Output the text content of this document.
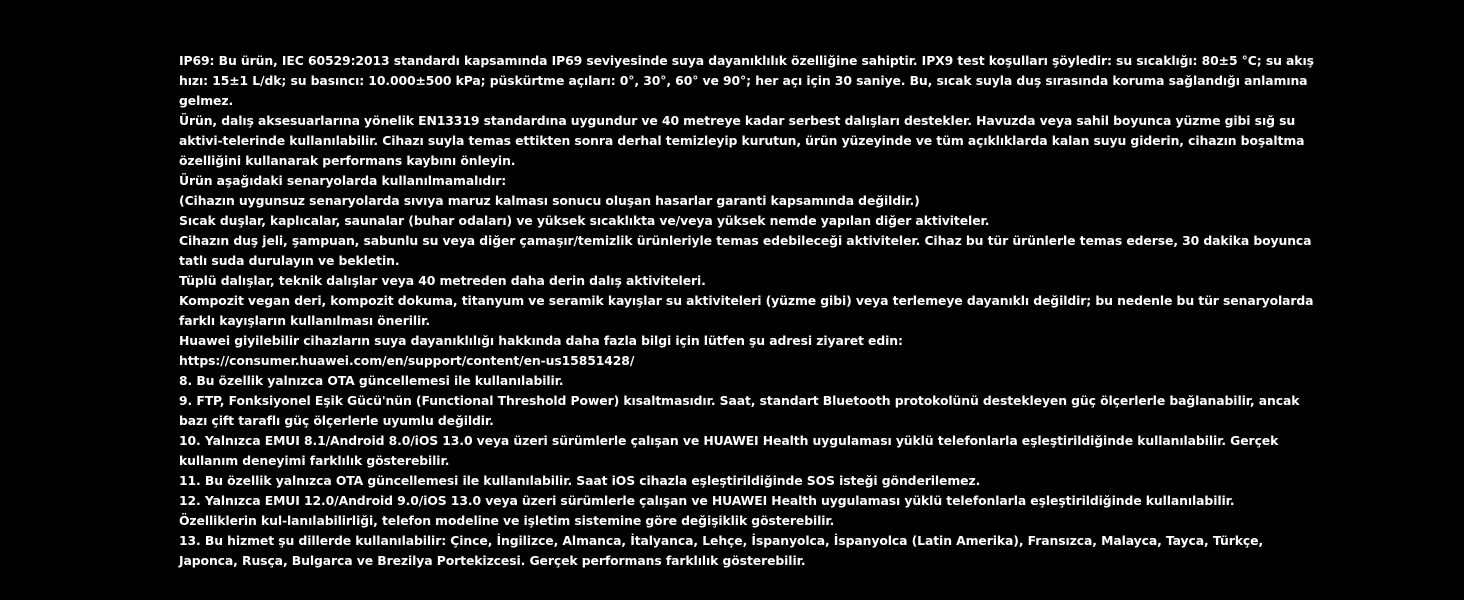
IP69: Bu ürün, IEC 60529:2013 standardı kapsamında IP69 seviyesinde suya dayanıklılık özelliğine sahiptir. IPX9 test koşulları şöyledir: su sıcaklığı: 80±5 °C; su akış hızı: 15±1 L/dk; su basıncı: 10.000±500 kPa; püskürtme açıları: 0°, 30°, 60° ve 90°; her açı için 30 saniye. Bu, sıcak suyla duş sırasında koruma sağlandığı anlamına gelmez.

Ürün, dalış aksesuarlarına yönelik EN13319 standardına uygundur ve 40 metreye kadar serbest dalışları destekler. Havuzda veya sahil boyunca yüzme gibi sığ su aktivi-telerinde kullanılabilir. Cihazı suyla temas ettikten sonra derhal temizleyip kurutun, ürün yüzeyinde ve tüm açıklıklarda kalan suyu giderin, cihazın boşaltma özelliğini kullanarak performans kaybını önleyin.

Ürün aşağıdaki senaryolarda kullanılmamalıdır:

(Cihazın uygunsuz senaryolarda sıvıya maruz kalması sonucu oluşan hasarlar garanti kapsamında değildir.)

Sıcak duşlar, kaplıcalar, saunalar (buhar odaları) ve yüksek sıcaklıkta ve/veya yüksek nemde yapılan diğer aktiviteler.

Cihazın duş jeli, şampuan, sabunlu su veya diğer çamaşır/temizlik ürünleriyle temas edebileceği aktiviteler. Cihaz bu tür ürünlerle temas ederse, 30 dakika boyunca tatlı suda durulayın ve bekletin.

Tüplü dalışlar, teknik dalışlar veya 40 metreden daha derin dalış aktiviteleri.

Kompozit vegan deri, kompozit dokuma, titanyum ve seramik kayışlar su aktiviteleri (yüzme gibi) veya terlemeye dayanıklı değildir; bu nedenle bu tür senaryolarda farklı kayışların kullanılması önerilir.

Huawei giyilebilir cihazların suya dayanıklılığı hakkında daha fazla bilgi için lütfen şu adresi ziyaret edin:

https://consumer.huawei.com/en/support/content/en-us15851428/

8. Bu özellik yalnızca OTA güncellemesi ile kullanılabilir.

9. FTP, Fonksiyonel Eşik Gücü'nün (Functional Threshold Power) kısaltmasıdır. Saat, standart Bluetooth protokolünü destekleyen güç ölçerlerle bağlanabilir, ancak bazı çift taraflı güç ölçerlerle uyumlu değildir.

10. Yalnızca EMUI 8.1/Android 8.0/iOS 13.0 veya üzeri sürümlerle çalışan ve HUAWEI Health uygulaması yüklü telefonlarla eşleştirildiğinde kullanılabilir. Gerçek kullanım deneyimi farklılık gösterebilir.

11. Bu özellik yalnızca OTA güncellemesi ile kullanılabilir. Saat iOS cihazla eşleştirildiğinde SOS isteği gönderilemez.

12. Yalnızca EMUI 12.0/Android 9.0/iOS 13.0 veya üzeri sürümlerle çalışan ve HUAWEI Health uygulaması yüklü telefonlarla eşleştirildiğinde kullanılabilir. Özelliklerin kul-lanılabilirliği, telefon modeline ve işletim sistemine göre değişiklik gösterebilir.

13. Bu hizmet şu dillerde kullanılabilir: Çince, İngilizce, Almanca, İtalyanca, Lehçe, İspanyolca, İspanyolca (Latin Amerika), Fransızca, Malayca, Tayca, Türkçe, Japonca, Rusça, Bulgarca ve Brezilya Portekizcesi. Gerçek performans farklılık gösterebilir.
